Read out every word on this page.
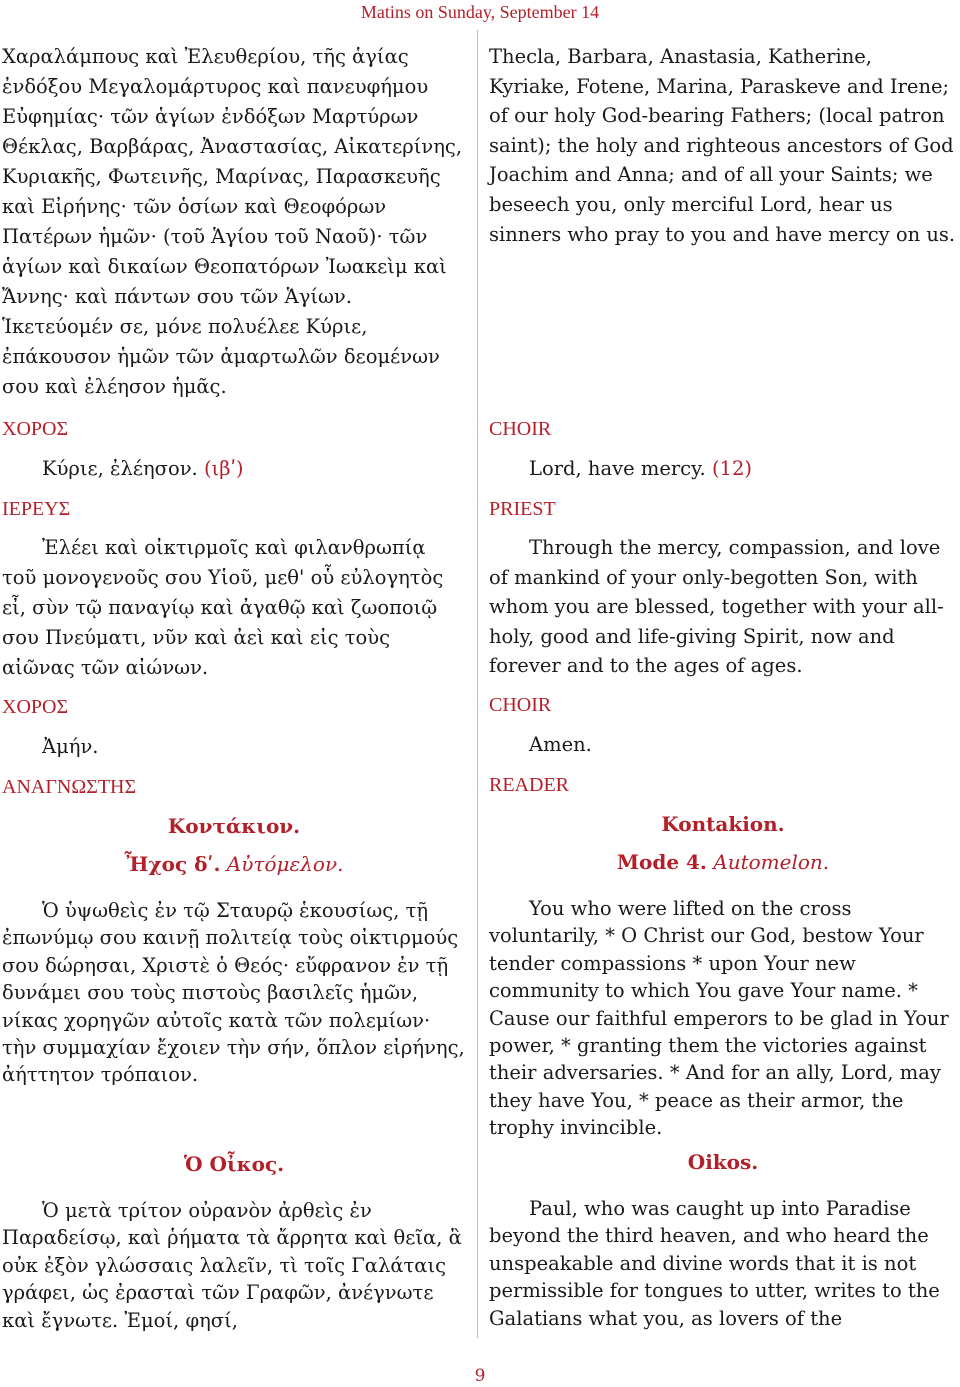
Matins on Sunday, September 14

Χαραλάμπους καὶ Ἐλευθερίου, τῆς ἁγίας ἐνδόξου Μεγαλομάρτυρος καὶ πανευφήμου Εὐφημίας· τῶν ἁγίων ἐνδόξων Μαρτύρων Θέκλας, Βαρβάρας, Ἀναστασίας, Αἰκατερίνης, Κυριακῆς, Φωτεινῆς, Μαρίνας, Παρασκευῆς καὶ Εἰρήνης· τῶν ὁσίων καὶ Θεοφόρων Πατέρων ἡμῶν· (τοῦ Ἁγίου τοῦ Ναοῦ)· τῶν ἁγίων καὶ δικαίων Θεοπατόρων Ἰωακεὶμ καὶ Ἄννης· καὶ πάντων σου τῶν Ἁγίων. Ἱκετεύομέν σε, μόνε πολυέλεε Κύριε, ἐπάκουσον ἡμῶν τῶν ἁμαρτωλῶν δεομένων σου καὶ ἐλέησον ἡμᾶς.

ΧΟΡΟΣ

Κύριε, ἐλέησον. (ιβʹ)

ΙΕΡΕΥΣ

Ἐλέει καὶ οἰκτιρμοῖς καὶ φιλανθρωπίᾳ τοῦ μονογενοῦς σου Υἱοῦ, μεθ' οὗ εὐλογητὸς εἶ, σὺν τῷ παναγίῳ καὶ ἀγαθῷ καὶ ζωοποιῷ σου Πνεύματι, νῦν καὶ ἀεὶ καὶ εἰς τοὺς αἰῶνας τῶν αἰώνων.

ΧΟΡΟΣ

Ἀμήν.

ΑΝΑΓΝΩΣΤΗΣ
Κοντάκιον.
Ἦχος δʹ. Αὐτόμελον.

Ὁ ὑψωθεὶς ἐν τῷ Σταυρῷ ἑκουσίως, τῇ ἐπωνύμῳ σου καινῇ πολιτείᾳ τοὺς οἰκτιρμούς σου δώρησαι, Χριστὲ ὁ Θεός· εὔφρανον ἐν τῇ δυνάμει σου τοὺς πιστοὺς βασιλεῖς ἡμῶν, νίκας χορηγῶν αὐτοῖς κατὰ τῶν πολεμίων· τὴν συμμαχίαν ἔχοιεν τὴν σήν, ὅπλον εἰρήνης, ἀήττητον τρόπαιον.

Ὁ Οἶκος.

Ὁ μετὰ τρίτον οὐρανὸν ἀρθεὶς ἐν Παραδείσῳ, καὶ ῥήματα τὰ ἄρρητα καὶ θεῖα, ἃ οὐκ ἐξὸν γλώσσαις λαλεῖν, τὶ τοῖς Γαλάταις γράφει, ὡς ἐρασταὶ τῶν Γραφῶν, ἀνέγνωτε καὶ ἔγνωτε. Ἐμοί, φησί,

Thecla, Barbara, Anastasia, Katherine, Kyriake, Fotene, Marina, Paraskeve and Irene; of our holy God-bearing Fathers; (local patron saint); the holy and righteous ancestors of God Joachim and Anna; and of all your Saints; we beseech you, only merciful Lord, hear us sinners who pray to you and have mercy on us.

CHOIR

Lord, have mercy. (12)

PRIEST

Through the mercy, compassion, and love of mankind of your only-begotten Son, with whom you are blessed, together with your all-holy, good and life-giving Spirit, now and forever and to the ages of ages.

CHOIR

Amen.

READER
Kontakion.
Mode 4. Automelon.

You who were lifted on the cross voluntarily, * O Christ our God, bestow Your tender compassions * upon Your new community to which You gave Your name. * Cause our faithful emperors to be glad in Your power, * granting them the victories against their adversaries. * And for an ally, Lord, may they have You, * peace as their armor, the trophy invincible.

Oikos.

Paul, who was caught up into Paradise beyond the third heaven, and who heard the unspeakable and divine words that it is not permissible for tongues to utter, writes to the Galatians what you, as lovers of the

9
